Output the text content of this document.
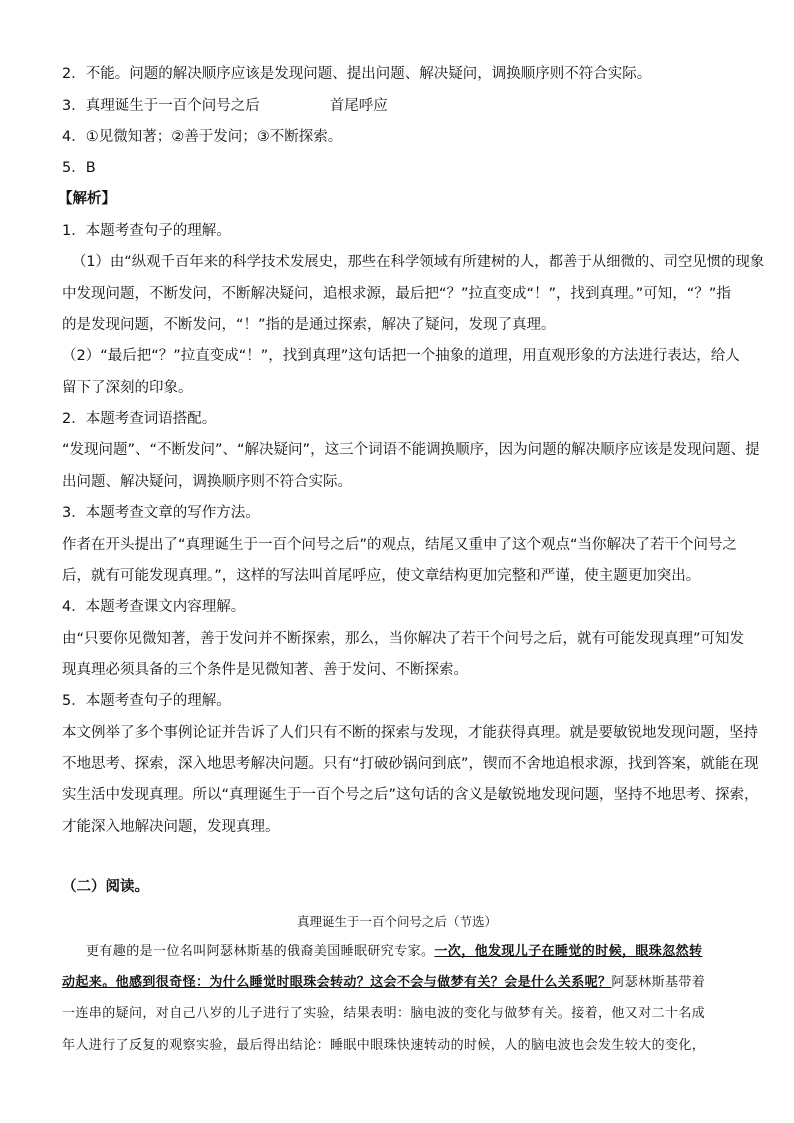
2．不能。问题的解决顺序应该是发现问题、提出问题、解决疑问，调换顺序则不符合实际。
3．真理诞生于一百个问号之后	首尾呼应
4．①见微知著；②善于发问；③不断探索。
5．B
【解析】
1．本题考查句子的理解。
（1）由“纵观千百年来的科学技术发展史，那些在科学领域有所建树的人，都善于从细微的、司空见惯的现象
中发现问题，不断发问，不断解决疑问，追根求源，最后把“？”拉直变成“！”，找到真理。”可知，“？”指
的是发现问题，不断发问，“！”指的是通过探索，解决了疑问，发现了真理。
（2）“最后把“？”拉直变成“！”，找到真理”这句话把一个抽象的道理，用直观形象的方法进行表达，给人
留下了深刻的印象。
2．本题考查词语搭配。
“发现问题”、“不断发问”、“解决疑问”，这三个词语不能调换顺序，因为问题的解决顺序应该是发现问题、提
出问题、解决疑问，调换顺序则不符合实际。
3．本题考查文章的写作方法。
作者在开头提出了“真理诞生于一百个问号之后”的观点，结尾又重申了这个观点“当你解决了若干个问号之
后，就有可能发现真理。”，这样的写法叫首尾呼应，使文章结构更加完整和严谨，使主题更加突出。
4．本题考查课文内容理解。
由“只要你见微知著，善于发问并不断探索，那么，当你解决了若干个问号之后，就有可能发现真理”可知发
现真理必须具备的三个条件是见微知著、善于发问、不断探索。
5．本题考查句子的理解。
本文例举了多个事例论证并告诉了人们只有不断的探索与发现，才能获得真理。就是要敏锐地发现问题，坚持
不地思考、探索，深入地思考解决问题。只有“打破砂锅问到底”，锲而不舍地追根求源，找到答案，就能在现
实生活中发现真理。所以“真理诞生于一百个号之后”这句话的含义是敏锐地发现问题，坚持不地思考、探索，
才能深入地解决问题，发现真理。
（二）阅读。
真理诞生于一百个问号之后（节选）
更有趣的是一位名叫阿瑟林斯基的俄裔美国睡眠研究专家。一次，他发现儿子在睡觉的时候，眼珠忽然转
动起来。他感到很奇怪：为什么睡觉时眼珠会转动？这会不会与做梦有关？会是什么关系呢？阿瑟林斯基带着
一连串的疑问，对自己八岁的儿子进行了实验，结果表明：脑电波的变化与做梦有关。接着，他又对二十名成
年人进行了反复的观察实验，最后得出结论：睡眠中眼珠快速转动的时候，人的脑电波也会发生较大的变化，
